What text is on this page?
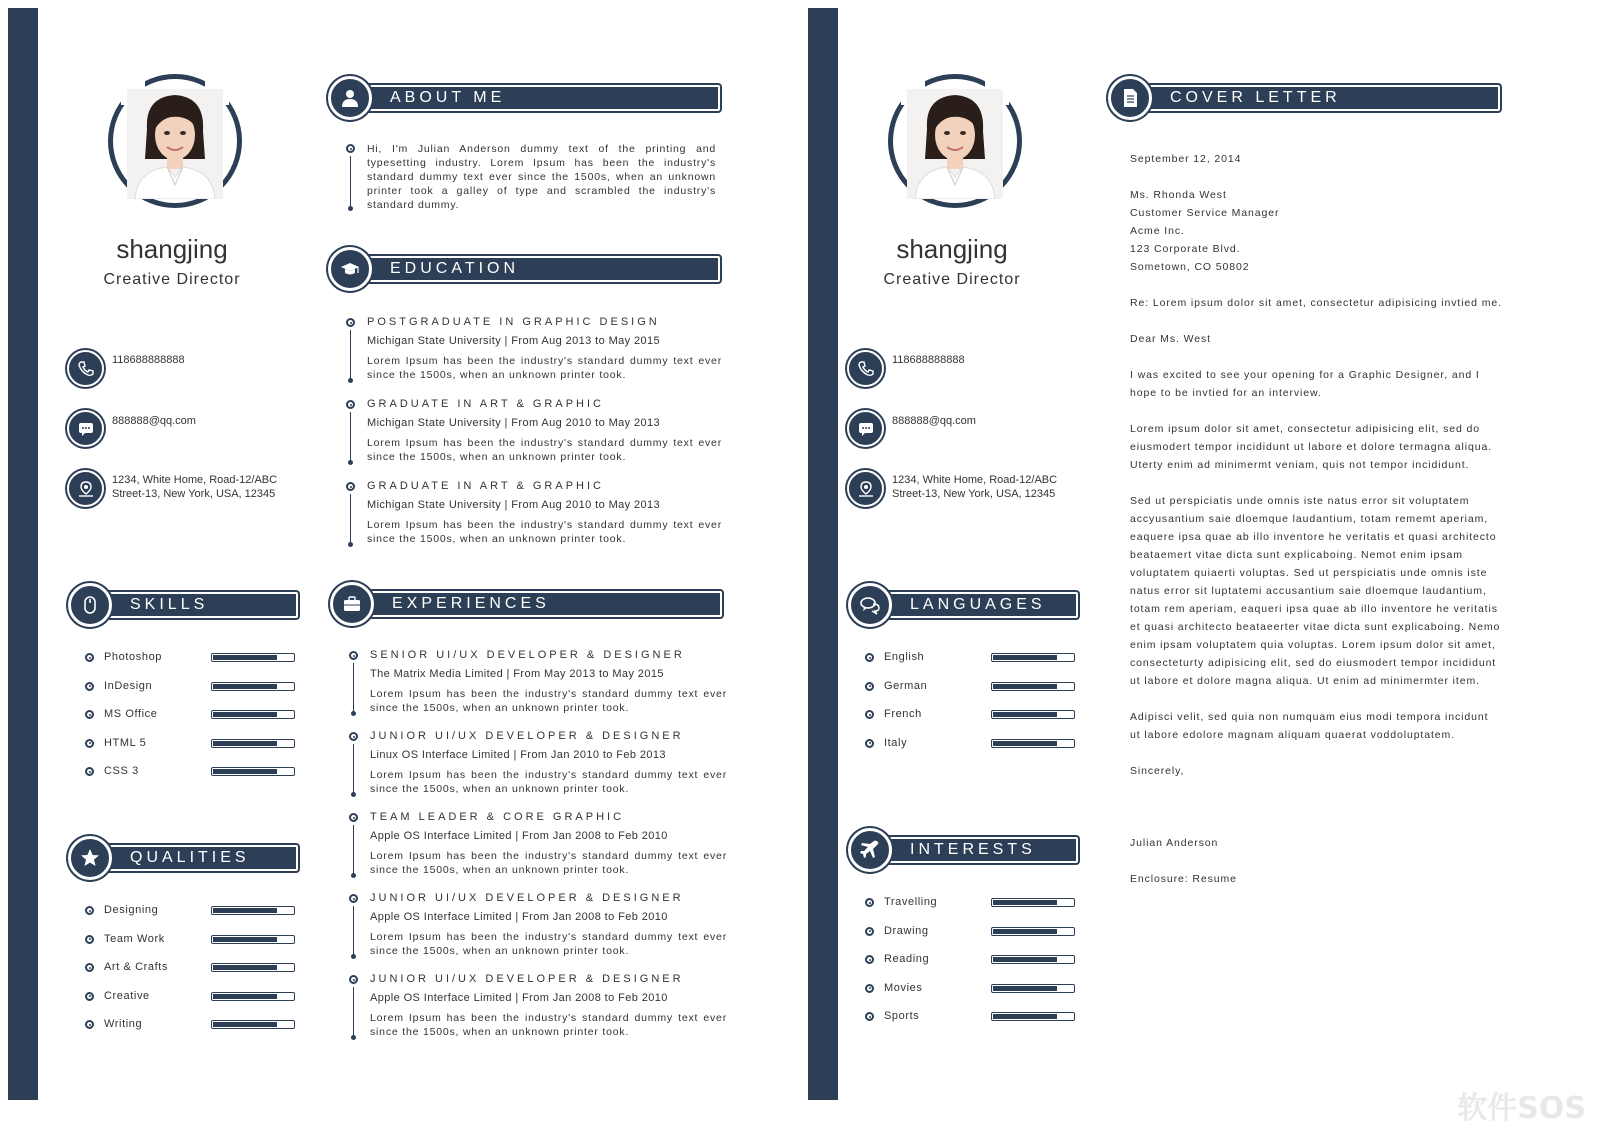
shangjing
Creative Director
118688888888
888888@qq.com
1234, White Home, Road-12/ABC
Street-13, New York, USA, 12345
SKILLS
Photoshop
InDesign
MS Office
HTML 5
CSS 3
QUALITIES
Designing
Team Work
Art & Crafts
Creative
Writing
ABOUT ME
Hi, I'm Julian Anderson dummy text of the printing and typesetting industry. Lorem Ipsum has been the industry's standard dummy text ever since the 1500s, when an unknown printer took a galley of type and scrambled the industry's standard dummy.
EDUCATION
POSTGRADUATE IN GRAPHIC DESIGN
Michigan State University | From Aug 2013 to May 2015
Lorem Ipsum has been the industry's standard dummy text ever since the 1500s, when an unknown printer took.
GRADUATE IN ART & GRAPHIC
Michigan State University | From Aug 2010 to May 2013
Lorem Ipsum has been the industry's standard dummy text ever since the 1500s, when an unknown printer took.
GRADUATE IN ART & GRAPHIC
Michigan State University | From Aug 2010 to May 2013
Lorem Ipsum has been the industry's standard dummy text ever since the 1500s, when an unknown printer took.
EXPERIENCES
SENIOR UI/UX DEVELOPER & DESIGNER
The Matrix Media Limited | From May 2013 to May 2015
Lorem Ipsum has been the industry's standard dummy text ever since the 1500s, when an unknown printer took.
JUNIOR UI/UX DEVELOPER & DESIGNER
Linux OS Interface Limited | From Jan 2010 to Feb 2013
Lorem Ipsum has been the industry's standard dummy text ever since the 1500s, when an unknown printer took.
TEAM LEADER & CORE GRAPHIC
Apple OS Interface Limited | From Jan 2008 to Feb 2010
Lorem Ipsum has been the industry's standard dummy text ever since the 1500s, when an unknown printer took.
JUNIOR UI/UX DEVELOPER & DESIGNER
Apple OS Interface Limited | From Jan 2008 to Feb 2010
Lorem Ipsum has been the industry's standard dummy text ever since the 1500s, when an unknown printer took.
JUNIOR UI/UX DEVELOPER & DESIGNER
Apple OS Interface Limited | From Jan 2008 to Feb 2010
Lorem Ipsum has been the industry's standard dummy text ever since the 1500s, when an unknown printer took.
shangjing
Creative Director
118688888888
888888@qq.com
1234, White Home, Road-12/ABC
Street-13, New York, USA, 12345
LANGUAGES
English
German
French
Italy
INTERESTS
Travelling
Drawing
Reading
Movies
Sports
COVER LETTER

September 12, 2014

Ms. Rhonda West
Customer Service Manager
Acme Inc.
123 Corporate Blvd.
Sometown, CO 50802

Re: Lorem ipsum dolor sit amet, consectetur adipisicing invtied me.

Dear Ms. West

I was excited to see your opening for a Graphic Designer, and I hope to be invtied for an interview.

Lorem ipsum dolor sit amet, consectetur adipisicing elit, sed do eiusmodert tempor incididunt ut labore et dolore termagna aliqua. Uterty enim ad minimermt veniam, quis not tempor incididunt.

Sed ut perspiciatis unde omnis iste natus error sit voluptatem accyusantium saie dloemque laudantium, totam rememt aperiam, eaquere ipsa quae ab illo inventore he veritatis et quasi architecto beataemert vitae dicta sunt explicaboing. Nemot enim ipsam voluptatem quiaerti voluptas. Sed ut perspiciatis unde omnis iste natus error sit luptatemi accusantium saie dloemque laudantium, totam rem aperiam, eaqueri ipsa quae ab illo inventore he veritatis et quasi architecto beataeerter vitae dicta sunt explicaboing. Nemo enim ipsam voluptatem quia voluptas. Lorem ipsum dolor sit amet, consecteturty adipisicing elit, sed do eiusmodert tempor incididunt ut labore et dolore magna aliqua. Ut enim ad minimermter item.

Adipisci velit, sed quia non numquam eius modi tempora incidunt ut labore edolore magnam aliquam quaerat voddoluptatem.

Sincerely,

Julian Anderson

Enclosure: Resume

软件SOS
